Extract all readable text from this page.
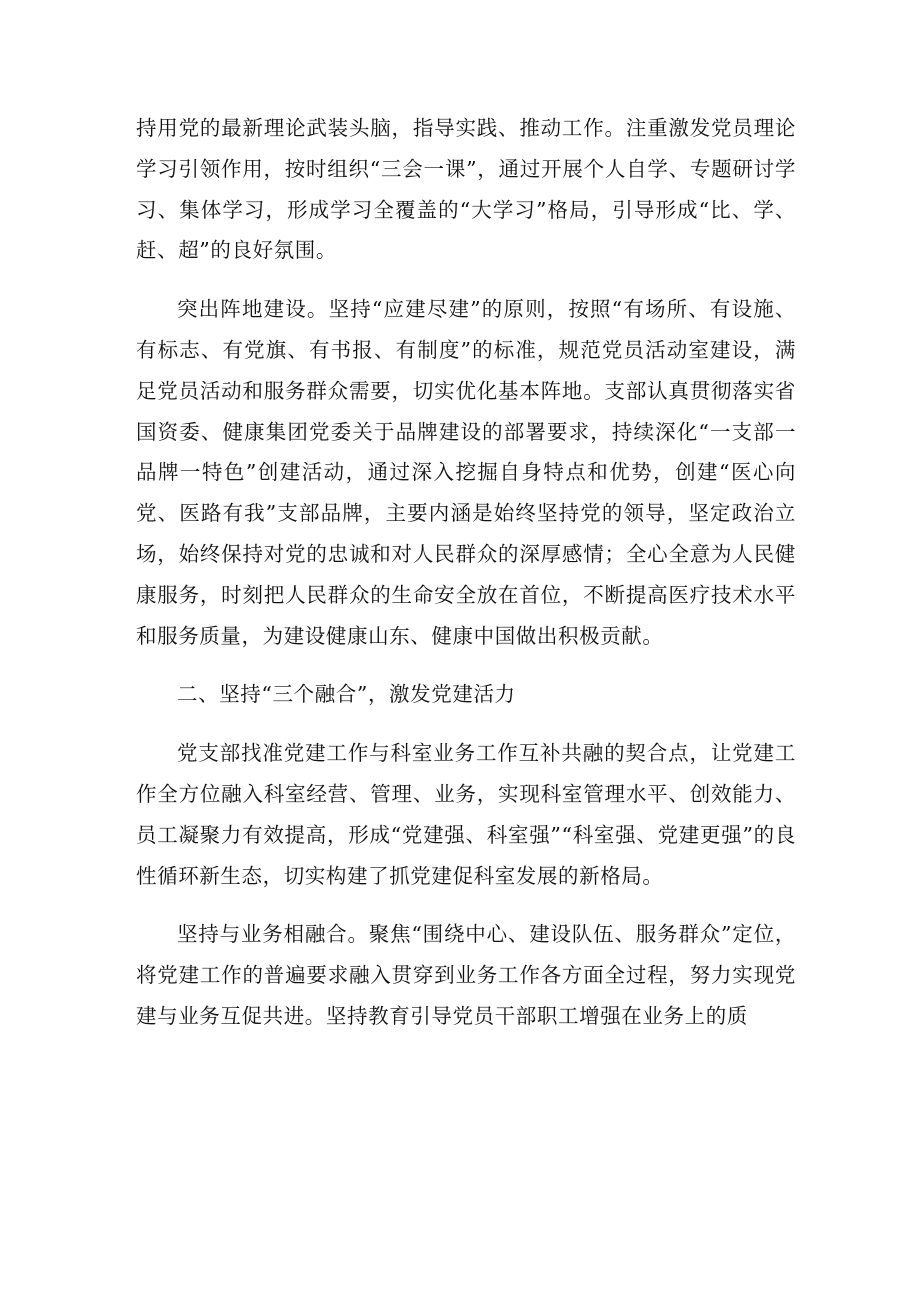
持用党的最新理论武装头脑，指导实践、推动工作。注重激发党员理论学习引领作用，按时组织“三会一课”，通过开展个人自学、专题研讨学习、集体学习，形成学习全覆盖的“大学习”格局，引导形成“比、学、赶、超”的良好氛围。

突出阵地建设。坚持“应建尽建”的原则，按照“有场所、有设施、有标志、有党旗、有书报、有制度”的标准，规范党员活动室建设，满足党员活动和服务群众需要，切实优化基本阵地。支部认真贯彻落实省国资委、健康集团党委关于品牌建设的部署要求，持续深化“一支部一品牌一特色”创建活动，通过深入挖掘自身特点和优势，创建“医心向党、医路有我”支部品牌，主要内涵是始终坚持党的领导，坚定政治立场，始终保持对党的忠诚和对人民群众的深厚感情；全心全意为人民健康服务，时刻把人民群众的生命安全放在首位，不断提高医疗技术水平和服务质量，为建设健康山东、健康中国做出积极贡献。

二、坚持“三个融合”，激发党建活力

党支部找准党建工作与科室业务工作互补共融的契合点，让党建工作全方位融入科室经营、管理、业务，实现科室管理水平、创效能力、员工凝聚力有效提高，形成“党建强、科室强”“科室强、党建更强”的良性循环新生态，切实构建了抓党建促科室发展的新格局。

坚持与业务相融合。聚焦“围绕中心、建设队伍、服务群众”定位，将党建工作的普遍要求融入贯穿到业务工作各方面全过程，努力实现党建与业务互促共进。坚持教育引导党员干部职工增强在业务上的质
